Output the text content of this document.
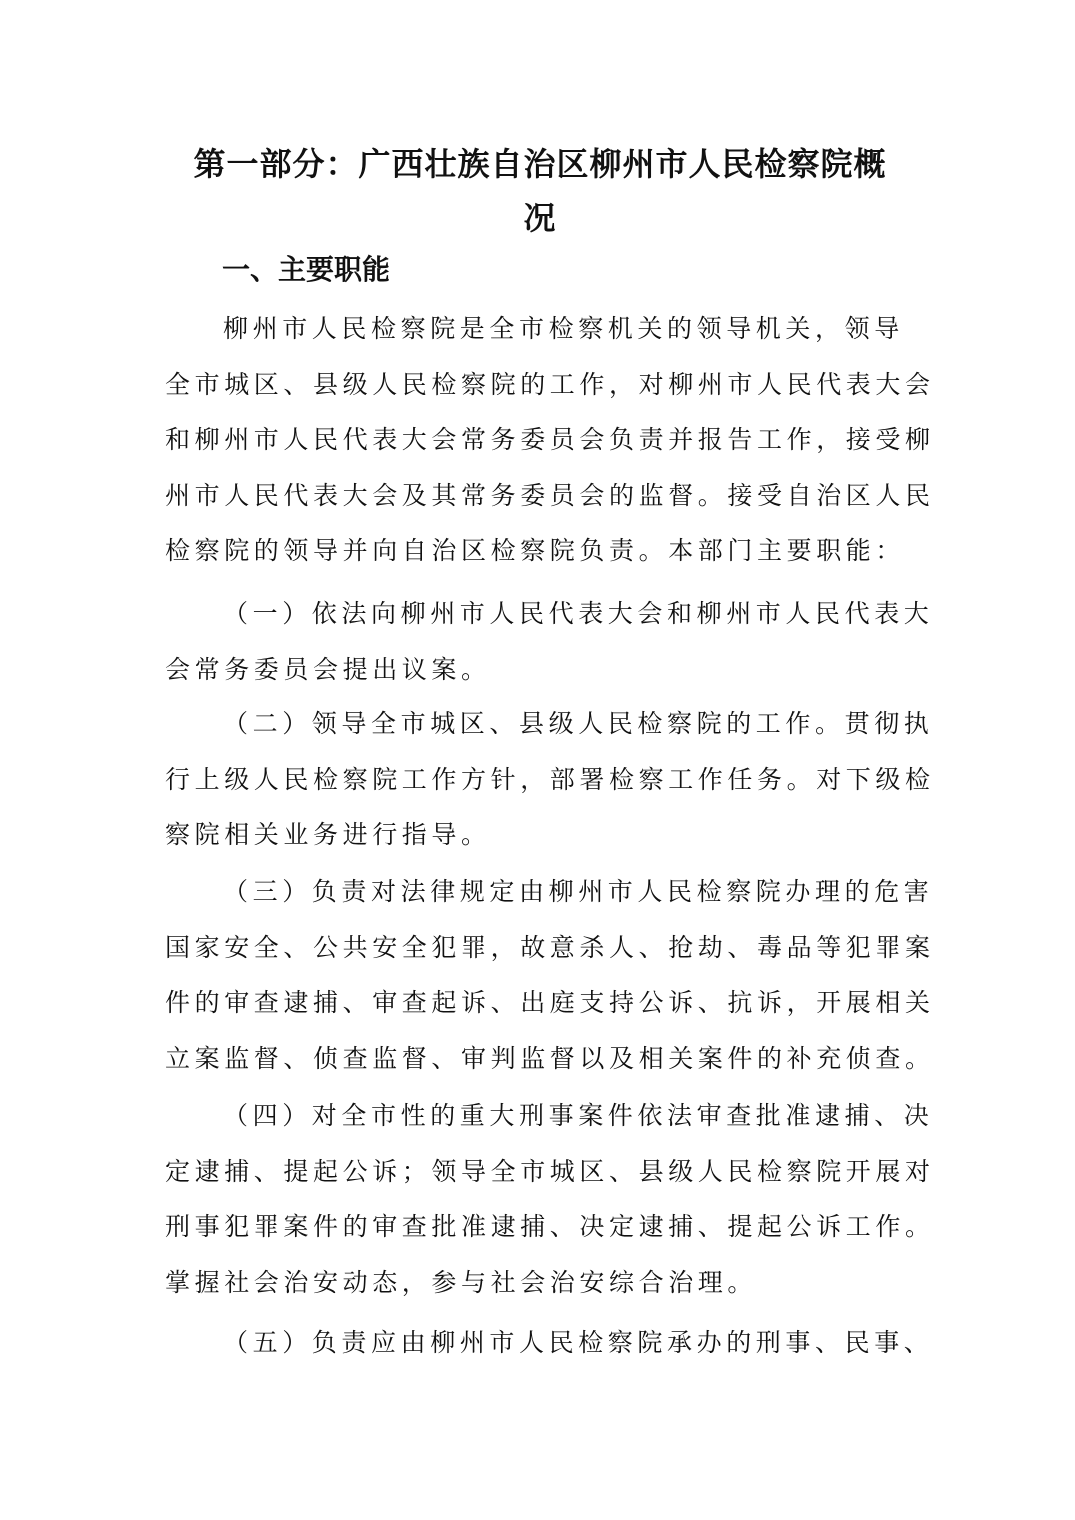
第一部分：广西壮族自治区柳州市人民检察院概
况
一、主要职能
柳州市人民检察院是全市检察机关的领导机关，领导
全市城区、县级人民检察院的工作，对柳州市人民代表大会
和柳州市人民代表大会常务委员会负责并报告工作，接受柳
州市人民代表大会及其常务委员会的监督。接受自治区人民
检察院的领导并向自治区检察院负责。本部门主要职能：
（一）依法向柳州市人民代表大会和柳州市人民代表大
会常务委员会提出议案。
（二）领导全市城区、县级人民检察院的工作。贯彻执
行上级人民检察院工作方针，部署检察工作任务。对下级检
察院相关业务进行指导。
（三）负责对法律规定由柳州市人民检察院办理的危害
国家安全、公共安全犯罪，故意杀人、抢劫、毒品等犯罪案
件的审查逮捕、审查起诉、出庭支持公诉、抗诉，开展相关
立案监督、侦查监督、审判监督以及相关案件的补充侦查。
（四）对全市性的重大刑事案件依法审查批准逮捕、决
定逮捕、提起公诉；领导全市城区、县级人民检察院开展对
刑事犯罪案件的审查批准逮捕、决定逮捕、提起公诉工作。
掌握社会治安动态，参与社会治安综合治理。
（五）负责应由柳州市人民检察院承办的刑事、民事、
